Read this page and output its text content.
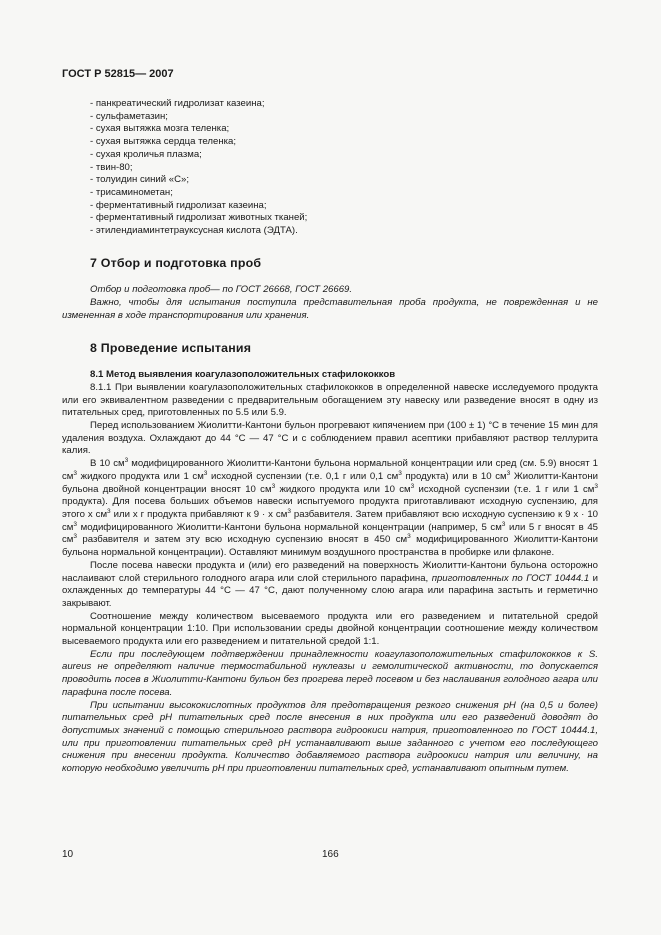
ГОСТ Р 52815— 2007
- панкреатический гидролизат казеина;
- сульфаметазин;
- сухая вытяжка мозга теленка;
- сухая вытяжка сердца теленка;
- сухая кроличья плазма;
- твин-80;
- толуидин синий «С»;
- трисаминометан;
- ферментативный гидролизат казеина;
- ферментативный гидролизат животных тканей;
- этилендиаминтетрауксусная кислота (ЭДТА).
7 Отбор и подготовка проб

Отбор и подготовка проб— по ГОСТ 26668, ГОСТ 26669.

Важно, чтобы для испытания поступила представительная проба продукта, не поврежденная и не измененная в ходе транспортирования или хранения.

8 Проведение испытания
8.1 Метод выявления коагулазоположительных стафилококков

8.1.1 При выявлении коагулазоположительных стафилококков в определенной навеске исследуемого продукта или его эквивалентном разведении с предварительным обогащением эту навеску или разведение вносят в одну из питательных сред, приготовленных по 5.5 или 5.9.

Перед использованием Жиолитти-Кантони бульон прогревают кипячением при (100 ± 1) °С в течение 15 мин для удаления воздуха. Охлаждают до 44 °С — 47 °С и с соблюдением правил асептики прибавляют раствор теллурита калия.

В 10 $см^3$ модифицированного Жиолитти-Кантони бульона нормальной концентрации или сред (см. 5.9) вносят 1 $см^3$ жидкого продукта или 1 $см^3$ исходной суспензии (т.е. 0,1 г или 0,1 $см^3$ продукта) или в 10 $см^3$ Жиолитти-Кантони бульона двойной концентрации вносят 10 $см^3$ жидкого продукта или 10 $см^3$ исходной суспензии (т.е. 1 г или 1 $см^3$ продукта). Для посева больших объемов навески испытуемого продукта приготавливают исходную суспензию, для этого x $см^3$ или x г продукта прибавляют к 9 · x $см^3$ разбавителя. Затем прибавляют всю исходную суспензию к 9 x · 10 $см^3$ модифицированного Жиолитти-Кантони бульона нормальной концентрации (например, 5 $см^3$ или 5 г вносят в 45 $см^3$ разбавителя и затем эту всю исходную суспензию вносят в 450 $см^3$ модифицированного Жиолитти-Кантони бульона нормальной концентрации). Оставляют минимум воздушного пространства в пробирке или флаконе.

После посева навески продукта и (или) его разведений на поверхность Жиолитти-Кантони бульона осторожно наслаивают слой стерильного голодного агара или слой стерильного парафина, приготовленных по ГОСТ 10444.1 и охлажденных до температуры 44 °С — 47 °С, дают полученному слою агара или парафина застыть и герметично закрывают.

Соотношение между количеством высеваемого продукта или его разведением и питательной средой нормальной концентрации 1:10. При использовании среды двойной концентрации соотношение между количеством высеваемого продукта или его разведением и питательной средой 1:1.

Если при последующем подтверждении принадлежности коагулазоположительных стафилококков к S. aureus не определяют наличие термостабильной нуклеазы и гемолитической активности, то допускается проводить посев в Жиолитти-Кантони бульон без прогрева перед посевом и без наслаивания голодного агара или парафина после посева.

При испытании высококислотных продуктов для предотвращения резкого снижения рН (на 0,5 и более) питательных сред рН питательных сред после внесения в них продукта или его разведений доводят до допустимых значений с помощью стерильного раствора гидроокиси натрия, приготовленного по ГОСТ 10444.1, или при приготовлении питательных сред рН устанавливают выше заданного с учетом его последующего снижения при внесении продукта. Количество добавляемого раствора гидроокиси натрия или величину, на которую необходимо увеличить рН при приготовлении питательных сред, устанавливают опытным путем.

10	166
